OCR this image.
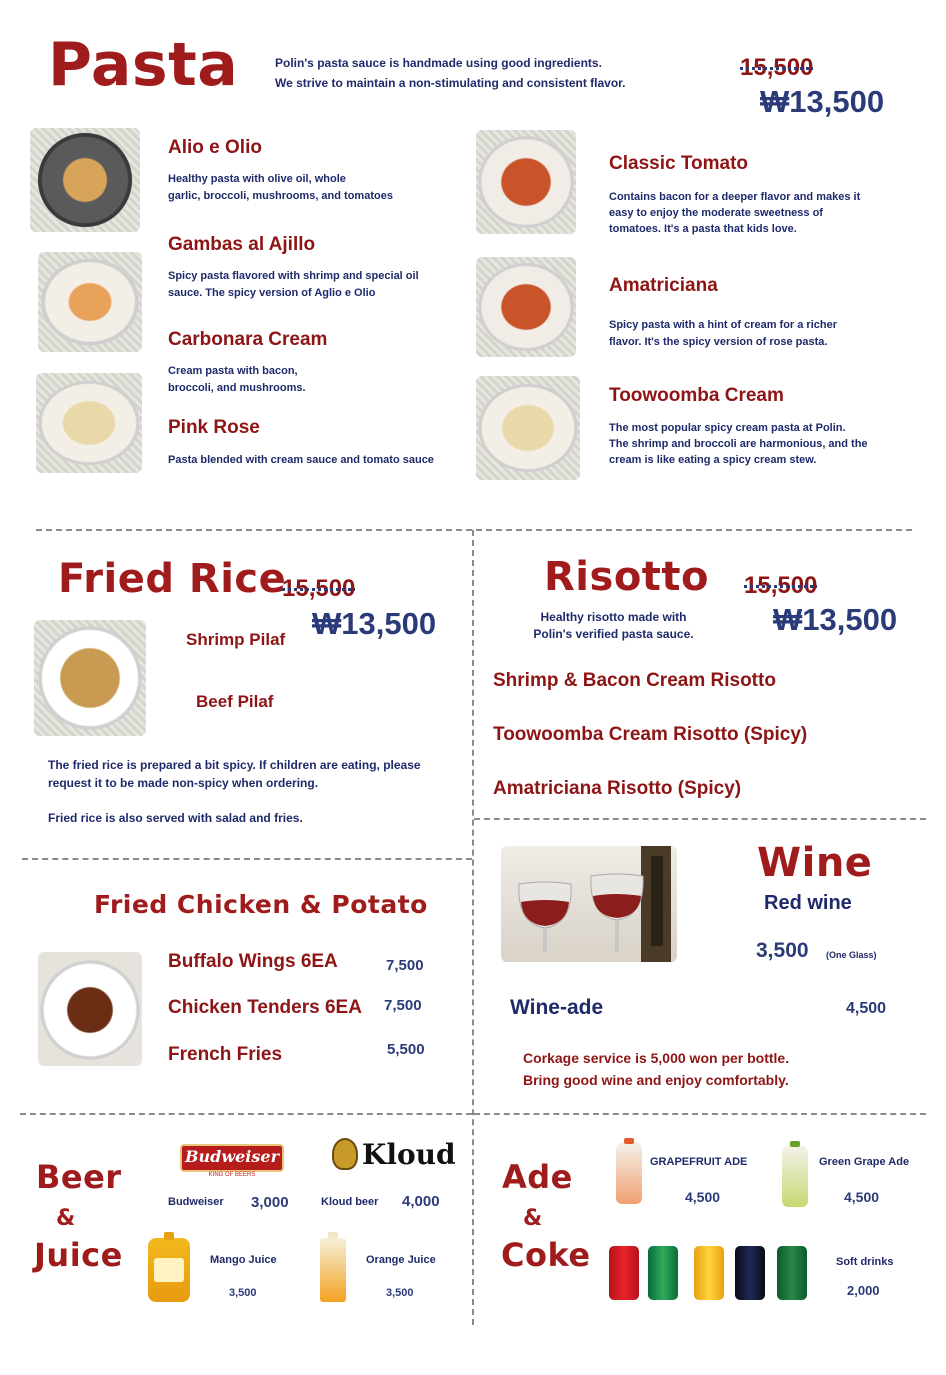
Pasta	Polin's pasta sauce is handmade using good ingredients.
We strive to maintain a non-stimulating and consistent flavor.
15,500
₩13,500
Alio e Olio
Healthy pasta with olive oil, whole
garlic, broccoli, mushrooms, and tomatoes
Gambas al Ajillo
Spicy pasta flavored with shrimp and special oil
sauce. The spicy version of Aglio e Olio
Carbonara Cream
Cream pasta with bacon,
broccoli, and mushrooms.
Pink Rose
Pasta blended with cream sauce and tomato sauce
Classic Tomato
Contains bacon for a deeper flavor and makes it
easy to enjoy the moderate sweetness of
tomatoes. It's a pasta that kids love.
Amatriciana
Spicy pasta with a hint of cream for a richer
flavor. It's the spicy version of rose pasta.
Toowoomba Cream
The most popular spicy cream pasta at Polin.
The shrimp and broccoli are harmonious, and the
cream is like eating a spicy cream stew.
Fried Rice
15,500
₩13,500
Shrimp Pilaf
Beef Pilaf
The fried rice is prepared a bit spicy. If children are eating, please
request it to be made non-spicy when ordering.
Fried rice is also served with salad and fries.
Risotto 15,500
₩13,500
Healthy risotto made with
Polin's verified pasta sauce.
Shrimp & Bacon Cream Risotto
Toowoomba Cream Risotto (Spicy)
Amatriciana Risotto (Spicy)
Fried Chicken & Potato
Buffalo Wings 6EA	7,500
Chicken Tenders 6EA 7,500
French Fries	5,500
Wine
Red wine
3,500 (One Glass)
Wine-ade	4,500
Corkage service is 5,000 won per bottle.
Bring good wine and enjoy comfortably.
Beer
&
Juice
Budweiser
KING OF BEERS
Kloud
Budweiser 3,000	Kloud beer 4,000
Mango Juice
3,500
Orange Juice
3,500
Ade
&
Coke
GRAPEFRUIT ADE
4,500
Green Grape Ade
4,500
Soft drinks
2,000
